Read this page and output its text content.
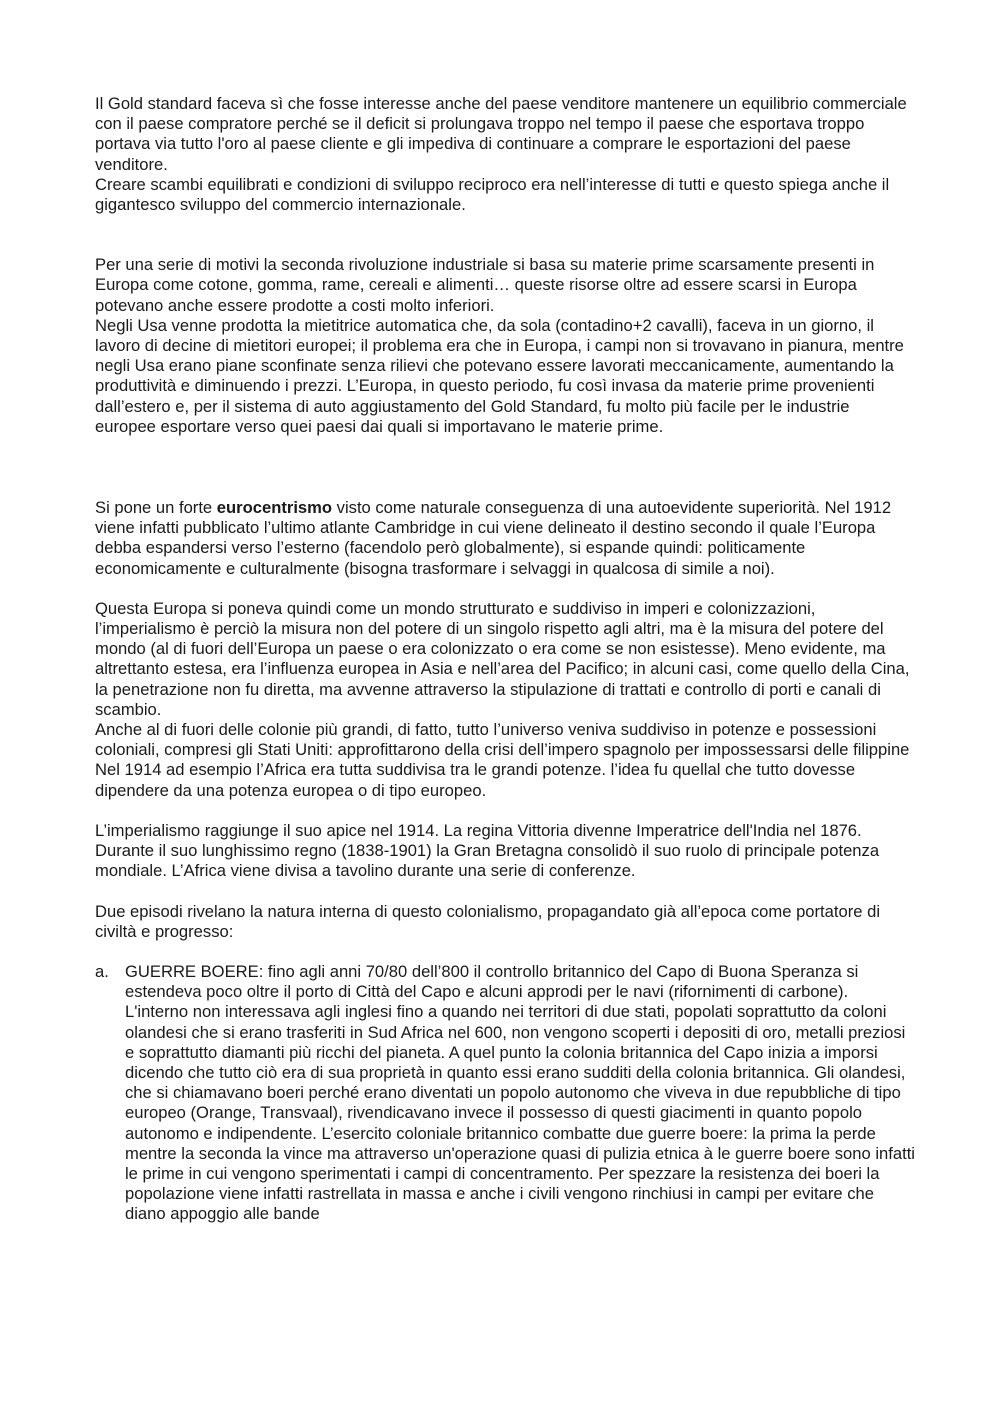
Il Gold standard faceva sì che fosse interesse anche del paese venditore mantenere un equilibrio commerciale con il paese compratore perché se il deficit si prolungava troppo nel tempo il paese che esportava troppo portava via tutto l'oro al paese cliente e gli impediva di continuare a comprare le esportazioni del paese venditore.

Creare scambi equilibrati e condizioni di sviluppo reciproco era nell’interesse di tutti e questo spiega anche il gigantesco sviluppo del commercio internazionale.

Per una serie di motivi la seconda rivoluzione industriale si basa su materie prime scarsamente presenti in Europa come cotone, gomma, rame, cereali e alimenti… queste risorse oltre ad essere scarsi in Europa potevano anche essere prodotte a costi molto inferiori.

Negli Usa venne prodotta la mietitrice automatica che, da sola (contadino+2 cavalli), faceva in un giorno, il lavoro di decine di mietitori europei; il problema era che in Europa, i campi non si trovavano in pianura, mentre negli Usa erano piane sconfinate senza rilievi che potevano essere lavorati meccanicamente, aumentando la produttività e diminuendo i prezzi. L’Europa, in questo periodo, fu così invasa da materie prime provenienti dall’estero e, per il sistema di auto aggiustamento del Gold Standard, fu molto più facile per le industrie europee esportare verso quei paesi dai quali si importavano le materie prime.

Si pone un forte eurocentrismo visto come naturale conseguenza di una autoevidente superiorità. Nel 1912 viene infatti pubblicato l’ultimo atlante Cambridge in cui viene delineato il destino secondo il quale l’Europa debba espandersi verso l’esterno (facendolo però globalmente), si espande quindi: politicamente economicamente e culturalmente (bisogna trasformare i selvaggi in qualcosa di simile a noi).

Questa Europa si poneva quindi come un mondo strutturato e suddiviso in imperi e colonizzazioni, l’imperialismo è perciò la misura non del potere di un singolo rispetto agli altri, ma è la misura del potere del mondo (al di fuori dell’Europa un paese o era colonizzato o era come se non esistesse). Meno evidente, ma altrettanto estesa, era l’influenza europea in Asia e nell’area del Pacifico; in alcuni casi, come quello della Cina, la penetrazione non fu diretta, ma avvenne attraverso la stipulazione di trattati e controllo di porti e canali di scambio.

Anche al di fuori delle colonie più grandi, di fatto, tutto l’universo veniva suddiviso in potenze e possessioni coloniali, compresi gli Stati Uniti: approfittarono della crisi dell’impero spagnolo per impossessarsi delle filippine

Nel 1914 ad esempio l’Africa era tutta suddivisa tra le grandi potenze. l’idea fu quellal che tutto dovesse dipendere da una potenza europea o di tipo europeo.

L’imperialismo raggiunge il suo apice nel 1914. La regina Vittoria divenne Imperatrice dell'India nel 1876. Durante il suo lunghissimo regno (1838-1901) la Gran Bretagna consolidò il suo ruolo di principale potenza mondiale. L’Africa viene divisa a tavolino durante una serie di conferenze.

Due episodi rivelano la natura interna di questo colonialismo, propagandato già all’epoca come portatore di civiltà e progresso:

a. GUERRE BOERE: fino agli anni 70/80 dell’800 il controllo britannico del Capo di Buona Speranza si estendeva poco oltre il porto di Città del Capo e alcuni approdi per le navi (rifornimenti di carbone). L'interno non interessava agli inglesi fino a quando nei territori di due stati, popolati soprattutto da coloni olandesi che si erano trasferiti in Sud Africa nel 600, non vengono scoperti i depositi di oro, metalli preziosi e soprattutto diamanti più ricchi del pianeta. A quel punto la colonia britannica del Capo inizia a imporsi dicendo che tutto ciò era di sua proprietà in quanto essi erano sudditi della colonia britannica. Gli olandesi, che si chiamavano boeri perché erano diventati un popolo autonomo che viveva in due repubbliche di tipo europeo (Orange, Transvaal), rivendicavano invece il possesso di questi giacimenti in quanto popolo autonomo e indipendente. L’esercito coloniale britannico combatte due guerre boere: la prima la perde mentre la seconda la vince ma attraverso un'operazione quasi di pulizia etnica à le guerre boere sono infatti le prime in cui vengono sperimentati i campi di concentramento. Per spezzare la resistenza dei boeri la popolazione viene infatti rastrellata in massa e anche i civili vengono rinchiusi in campi per evitare che diano appoggio alle bande
